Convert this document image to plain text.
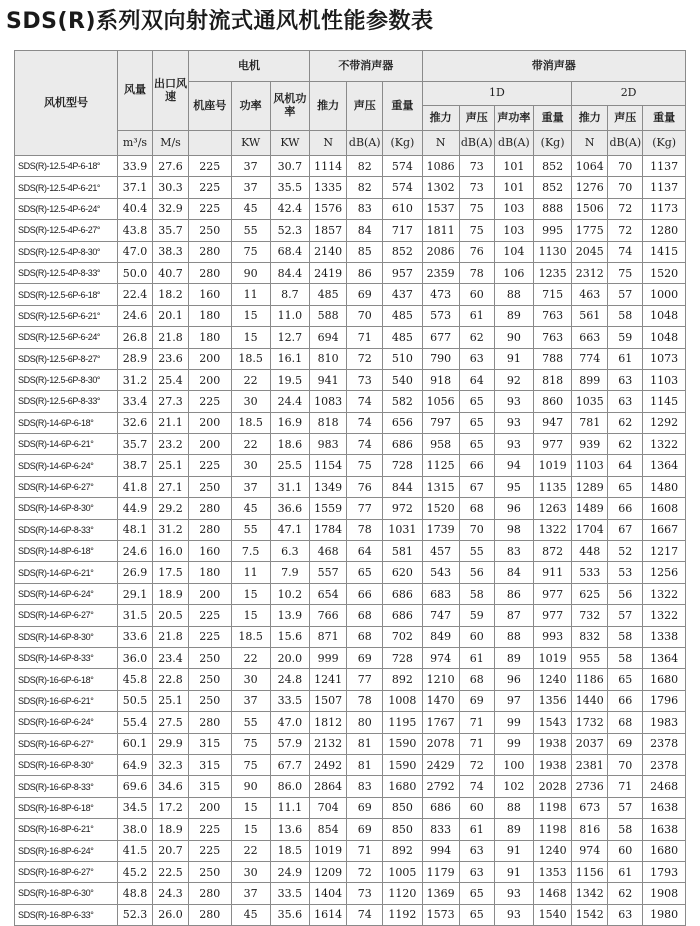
SDS(R)系列双向射流式通风机性能参数表
风机型号	风量	出口风速	电机			不带消声器			带消声器						
			机座号	功率	风机功率	推力	声压	重量	1D				2D		
									推力	声压	声功率	重量	推力	声压	重量
	m³/s	M/s		KW	KW	N	dB(A)	(Kg)	N	dB(A)	dB(A)	(Kg)	N	dB(A)	(Kg)
SDS(R)-12.5-4P-6-18°	33.9	27.6	225	37	30.7	1114	82	574	1086	73	101	852	1064	70	1137
SDS(R)-12.5-4P-6-21°	37.1	30.3	225	37	35.5	1335	82	574	1302	73	101	852	1276	70	1137
SDS(R)-12.5-4P-6-24°	40.4	32.9	225	45	42.4	1576	83	610	1537	75	103	888	1506	72	1173
SDS(R)-12.5-4P-6-27°	43.8	35.7	250	55	52.3	1857	84	717	1811	75	103	995	1775	72	1280
SDS(R)-12.5-4P-8-30°	47.0	38.3	280	75	68.4	2140	85	852	2086	76	104	1130	2045	74	1415
SDS(R)-12.5-4P-8-33°	50.0	40.7	280	90	84.4	2419	86	957	2359	78	106	1235	2312	75	1520
SDS(R)-12.5-6P-6-18°	22.4	18.2	160	11	8.7	485	69	437	473	60	88	715	463	57	1000
SDS(R)-12.5-6P-6-21°	24.6	20.1	180	15	11.0	588	70	485	573	61	89	763	561	58	1048
SDS(R)-12.5-6P-6-24°	26.8	21.8	180	15	12.7	694	71	485	677	62	90	763	663	59	1048
SDS(R)-12.5-6P-8-27°	28.9	23.6	200	18.5	16.1	810	72	510	790	63	91	788	774	61	1073
SDS(R)-12.5-6P-8-30°	31.2	25.4	200	22	19.5	941	73	540	918	64	92	818	899	63	1103
SDS(R)-12.5-6P-8-33°	33.4	27.3	225	30	24.4	1083	74	582	1056	65	93	860	1035	63	1145
SDS(R)-14-6P-6-18°	32.6	21.1	200	18.5	16.9	818	74	656	797	65	93	947	781	62	1292
SDS(R)-14-6P-6-21°	35.7	23.2	200	22	18.6	983	74	686	958	65	93	977	939	62	1322
SDS(R)-14-6P-6-24°	38.7	25.1	225	30	25.5	1154	75	728	1125	66	94	1019	1103	64	1364
SDS(R)-14-6P-6-27°	41.8	27.1	250	37	31.1	1349	76	844	1315	67	95	1135	1289	65	1480
SDS(R)-14-6P-8-30°	44.9	29.2	280	45	36.6	1559	77	972	1520	68	96	1263	1489	66	1608
SDS(R)-14-6P-8-33°	48.1	31.2	280	55	47.1	1784	78	1031	1739	70	98	1322	1704	67	1667
SDS(R)-14-8P-6-18°	24.6	16.0	160	7.5	6.3	468	64	581	457	55	83	872	448	52	1217
SDS(R)-14-6P-6-21°	26.9	17.5	180	11	7.9	557	65	620	543	56	84	911	533	53	1256
SDS(R)-14-6P-6-24°	29.1	18.9	200	15	10.2	654	66	686	683	58	86	977	625	56	1322
SDS(R)-14-6P-6-27°	31.5	20.5	225	15	13.9	766	68	686	747	59	87	977	732	57	1322
SDS(R)-14-6P-8-30°	33.6	21.8	225	18.5	15.6	871	68	702	849	60	88	993	832	58	1338
SDS(R)-14-6P-8-33°	36.0	23.4	250	22	20.0	999	69	728	974	61	89	1019	955	58	1364
SDS(R)-16-6P-6-18°	45.8	22.8	250	30	24.8	1241	77	892	1210	68	96	1240	1186	65	1680
SDS(R)-16-6P-6-21°	50.5	25.1	250	37	33.5	1507	78	1008	1470	69	97	1356	1440	66	1796
SDS(R)-16-6P-6-24°	55.4	27.5	280	55	47.0	1812	80	1195	1767	71	99	1543	1732	68	1983
SDS(R)-16-6P-6-27°	60.1	29.9	315	75	57.9	2132	81	1590	2078	71	99	1938	2037	69	2378
SDS(R)-16-6P-8-30°	64.9	32.3	315	75	67.7	2492	81	1590	2429	72	100	1938	2381	70	2378
SDS(R)-16-6P-8-33°	69.6	34.6	315	90	86.0	2864	83	1680	2792	74	102	2028	2736	71	2468
SDS(R)-16-8P-6-18°	34.5	17.2	200	15	11.1	704	69	850	686	60	88	1198	673	57	1638
SDS(R)-16-8P-6-21°	38.0	18.9	225	15	13.6	854	69	850	833	61	89	1198	816	58	1638
SDS(R)-16-8P-6-24°	41.5	20.7	225	22	18.5	1019	71	892	994	63	91	1240	974	60	1680
SDS(R)-16-8P-6-27°	45.2	22.5	250	30	24.9	1209	72	1005	1179	63	91	1353	1156	61	1793
SDS(R)-16-8P-6-30°	48.8	24.3	280	37	33.5	1404	73	1120	1369	65	93	1468	1342	62	1908
SDS(R)-16-8P-6-33°	52.3	26.0	280	45	35.6	1614	74	1192	1573	65	93	1540	1542	63	1980
